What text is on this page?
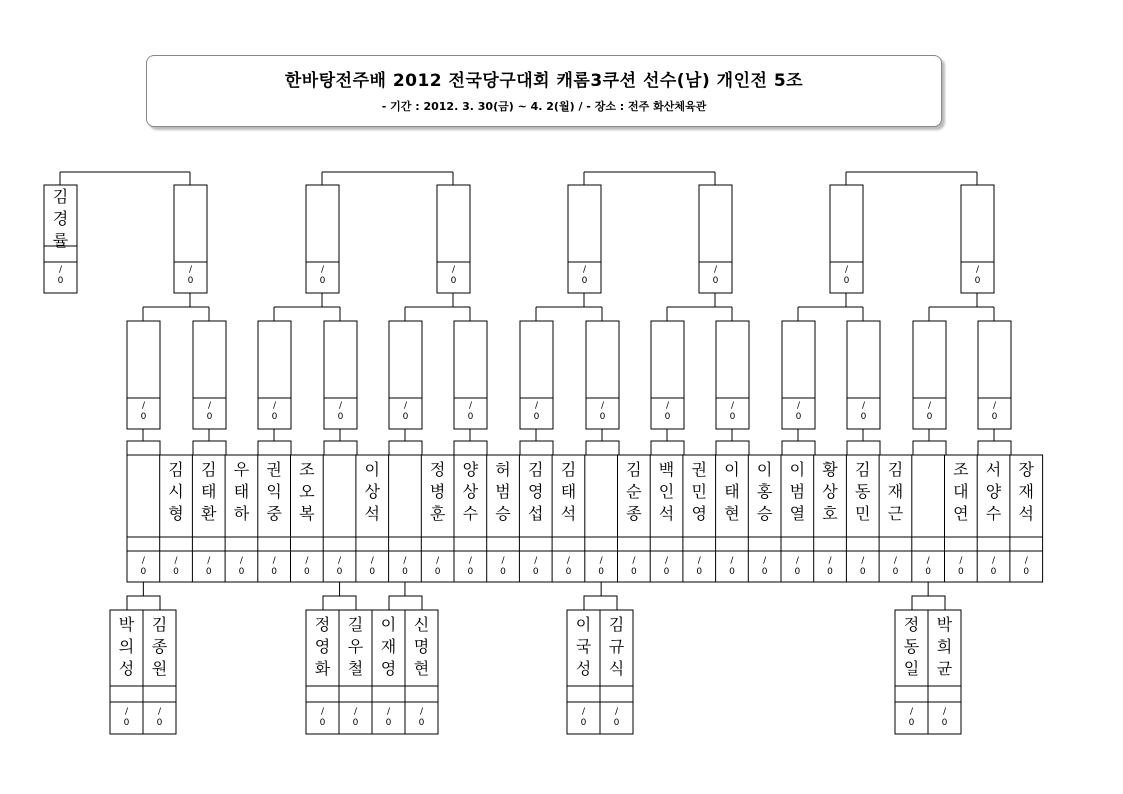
한바탕전주배 2012 전국당구대회 캐롬3쿠션 선수(남) 개인전 5조
- 기간 : 2012. 3. 30(금) ~ 4. 2(월) / - 장소 : 전주 화산체육관
김
경
률
/
0
/
0
/
0
/
0
/
0
/
0
/
0
/
0
/
0
/
0
/
0
/
0
/
0
/
0
/
0
/
0
/
0
/
0
/
0
/
0
/
0
/
0
/
0
김
시
형
/
0
김
태
환
/
0
우
태
하
/
0
권
익
중
/
0
조
오
복
/
0
/
0
이
상
석
/
0
/
0
정
병
훈
/
0
양
상
수
/
0
허
범
승
/
0
김
영
섭
/
0
김
태
석
/
0
/
0
김
순
종
/
0
백
인
석
/
0
권
민
영
/
0
이
태
현
/
0
이
홍
승
/
0
이
범
열
/
0
황
상
호
/
0
김
동
민
/
0
김
재
근
/
0
/
0
조
대
연
/
0
서
양
수
/
0
장
재
석
/
0
박
의
성
/
0
김
종
원
/
0
정
영
화
/
0
길
우
철
/
0
이
재
영
/
0
신
명
현
/
0
이
국
성
/
0
김
규
식
/
0
정
동
일
/
0
박
희
균
/
0
